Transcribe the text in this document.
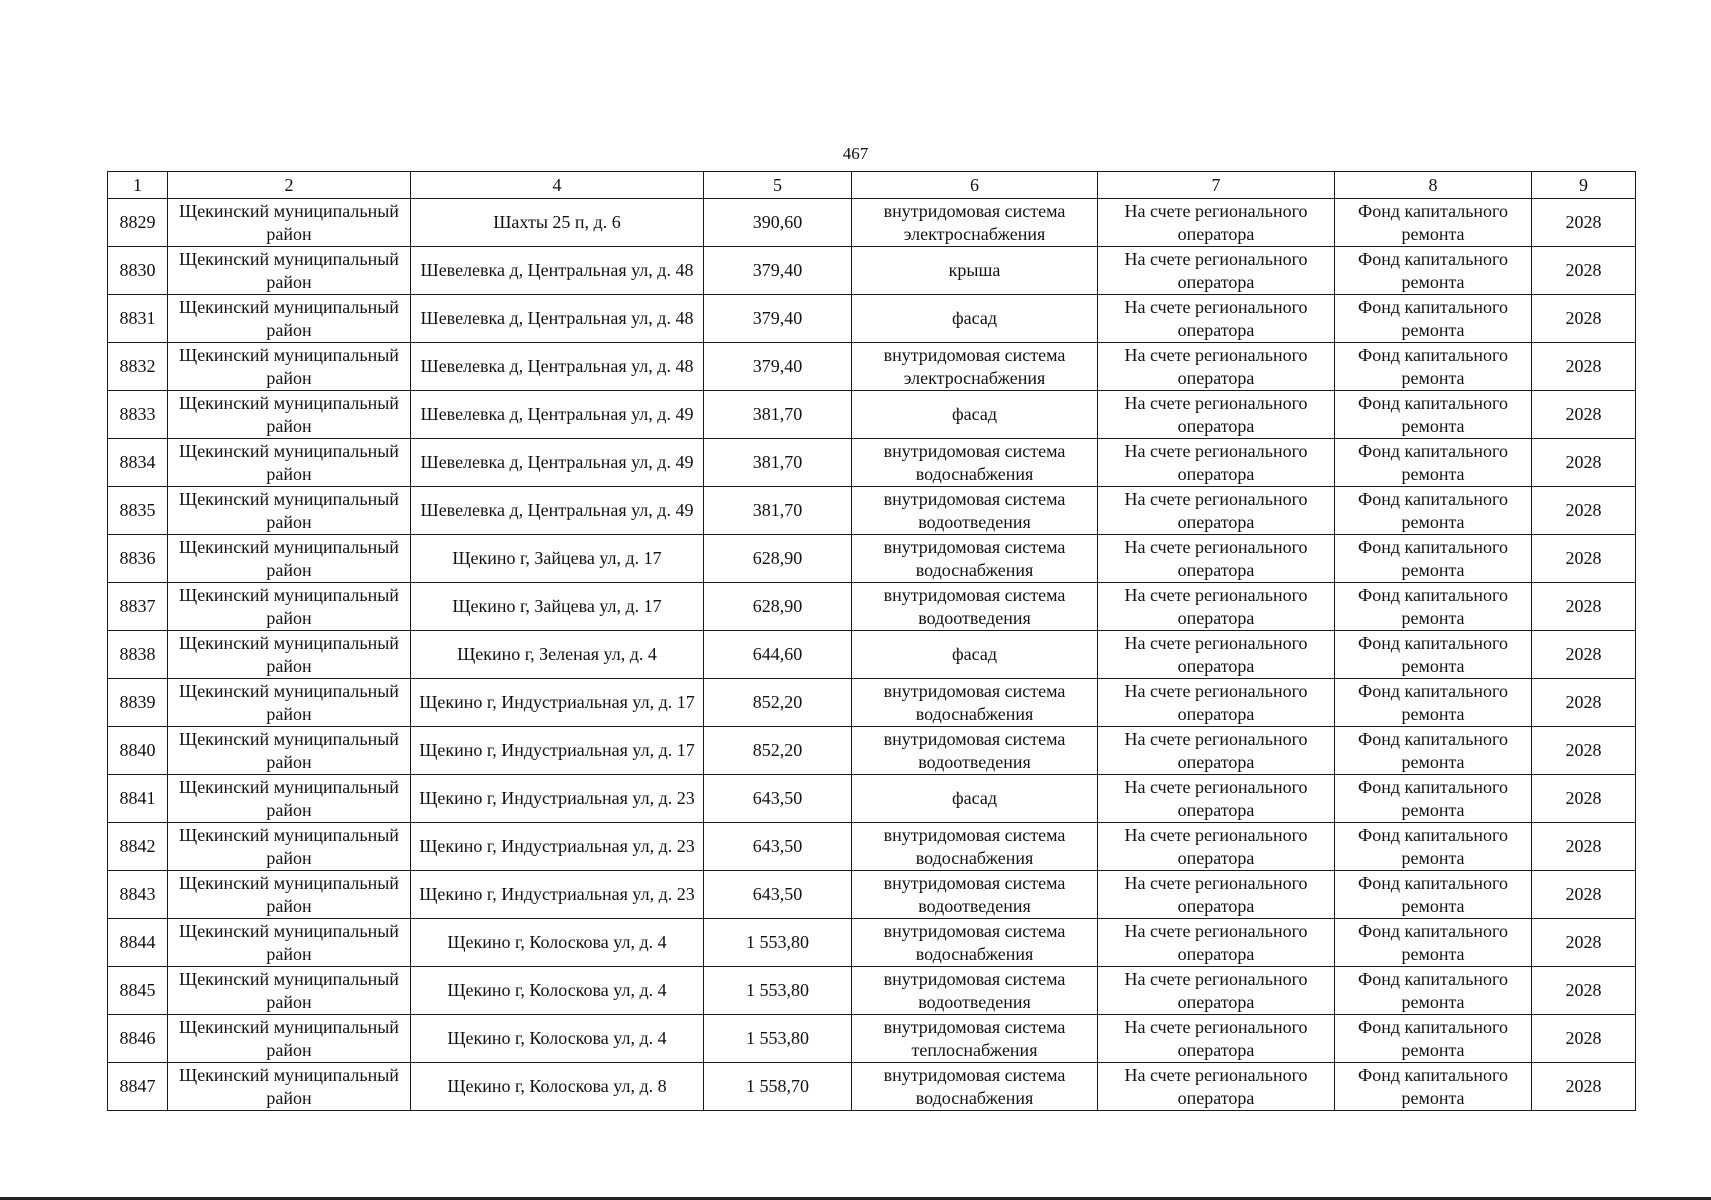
467
1	2	4	5	6	7	8	9

8829	Щекинский муниципальный район	Шахты 25 п, д. 6	390,60	внутридомовая система электроснабжения	На счете регионального оператора	Фонд капитального ремонта	2028

8830	Щекинский муниципальный район	Шевелевка д, Центральная ул, д. 48	379,40	крыша	На счете регионального оператора	Фонд капитального ремонта	2028

8831	Щекинский муниципальный район	Шевелевка д, Центральная ул, д. 48	379,40	фасад	На счете регионального оператора	Фонд капитального ремонта	2028

8832	Щекинский муниципальный район	Шевелевка д, Центральная ул, д. 48	379,40	внутридомовая система электроснабжения	На счете регионального оператора	Фонд капитального ремонта	2028

8833	Щекинский муниципальный район	Шевелевка д, Центральная ул, д. 49	381,70	фасад	На счете регионального оператора	Фонд капитального ремонта	2028

8834	Щекинский муниципальный район	Шевелевка д, Центральная ул, д. 49	381,70	внутридомовая система водоснабжения	На счете регионального оператора	Фонд капитального ремонта	2028

8835	Щекинский муниципальный район	Шевелевка д, Центральная ул, д. 49	381,70	внутридомовая система водоотведения	На счете регионального оператора	Фонд капитального ремонта	2028

8836	Щекинский муниципальный район	Щекино г, Зайцева ул, д. 17	628,90	внутридомовая система водоснабжения	На счете регионального оператора	Фонд капитального ремонта	2028

8837	Щекинский муниципальный район	Щекино г, Зайцева ул, д. 17	628,90	внутридомовая система водоотведения	На счете регионального оператора	Фонд капитального ремонта	2028

8838	Щекинский муниципальный район	Щекино г, Зеленая ул, д. 4	644,60	фасад	На счете регионального оператора	Фонд капитального ремонта	2028

8839	Щекинский муниципальный район	Щекино г, Индустриальная ул, д. 17	852,20	внутридомовая система водоснабжения	На счете регионального оператора	Фонд капитального ремонта	2028

8840	Щекинский муниципальный район	Щекино г, Индустриальная ул, д. 17	852,20	внутридомовая система водоотведения	На счете регионального оператора	Фонд капитального ремонта	2028

8841	Щекинский муниципальный район	Щекино г, Индустриальная ул, д. 23	643,50	фасад	На счете регионального оператора	Фонд капитального ремонта	2028

8842	Щекинский муниципальный район	Щекино г, Индустриальная ул, д. 23	643,50	внутридомовая система водоснабжения	На счете регионального оператора	Фонд капитального ремонта	2028

8843	Щекинский муниципальный район	Щекино г, Индустриальная ул, д. 23	643,50	внутридомовая система водоотведения	На счете регионального оператора	Фонд капитального ремонта	2028

8844	Щекинский муниципальный район	Щекино г, Колоскова ул, д. 4	1 553,80	внутридомовая система водоснабжения	На счете регионального оператора	Фонд капитального ремонта	2028

8845	Щекинский муниципальный район	Щекино г, Колоскова ул, д. 4	1 553,80	внутридомовая система водоотведения	На счете регионального оператора	Фонд капитального ремонта	2028

8846	Щекинский муниципальный район	Щекино г, Колоскова ул, д. 4	1 553,80	внутридомовая система теплоснабжения	На счете регионального оператора	Фонд капитального ремонта	2028

8847	Щекинский муниципальный район	Щекино г, Колоскова ул, д. 8	1 558,70	внутридомовая система водоснабжения	На счете регионального оператора	Фонд капитального ремонта	2028
